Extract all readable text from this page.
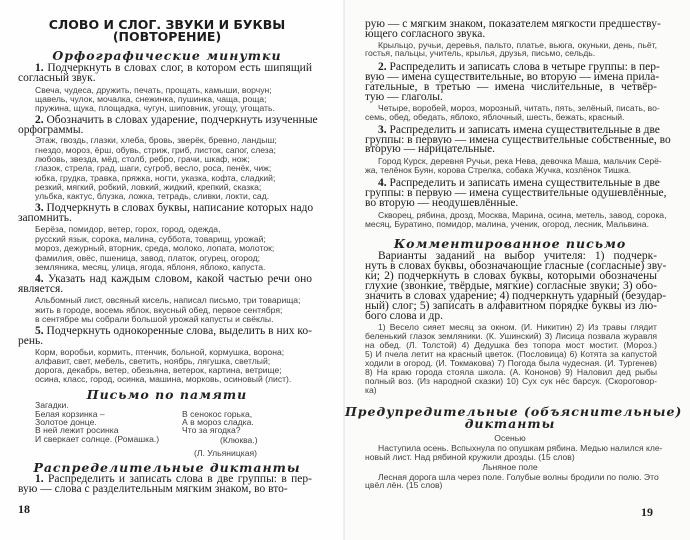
СЛОВО И СЛОГ. ЗВУКИ И БУКВЫ
(ПОВТОРЕНИЕ)
Орфографические минутки
1. Подчеркнуть в словах слог, в котором есть шипящий
согласный звук.
Свеча, чудеса, дружить, печать, прощать, камыши, ворчун;
щавель, чулок, мочалка, снежинка, пушинка, чаща, роща;
пружина, щука, площадка, чугун, шиповник, угощу, угощать.
2. Обозначить в словах ударение, подчеркнуть изученные
орфограммы.
Этаж, гвоздь, глазки, хлеба, бровь, зверёк, бревно, ландыш;
гнездо, мороз, ёрш, обувь, стриж, гриб, листок, сапог, слеза;
любовь, звезда, мёд, столб, ребро, грачи, шкаф, нож;
глазок, стрела, град, шаги, сугроб, весло, роса, пенёк, чиж;
юбка, грудка, травка, пряжка, ногти, указка, кофта, сладкий;
резкий, мягкий, робкий, ловкий, жидкий, крепкий, сказка;
ульбка, кактус, блузка, ложка, тетрадь, сливки, локти, сад.
3. Подчеркнуть в словах буквы, написание которых надо
запомнить.
Берёза, помидор, ветер, горох, город, одежда,
русский язык, сорока, малина, суббота, товарищ, урожай;
мороз, дежурный, вторник, среда, молоко, лопата, молоток;
фамилия, овёс, пшеница, завод, платок, огурец, огород;
земляника, месяц, улица, ягода, яблоня, яблоко, капуста.
4. Указать над каждым словом, какой частью речи оно
является.
Альбомный лист, овсяный кисель, написал письмо, три товарища;
жить в городе, восемь яблок, вкусный обед, первое сентября;
в сентябре мы собрали большой урожай капусты и свёклы.
5. Подчеркнуть однокоренные слова, выделить в них ко-
рень.
Корм, воробьи, кормить, птенчик, больной, кормушка, ворона;
алфавит, свет, мебель, светить, ноябрь, лягушка, светлый;
дорога, декабрь, ветер, обезьяна, ветерок, картина, ветрище;
осина, класс, город, осинка, машина, морковь, осиновый (лист).
Письмо по памяти
Загадки.
Белая корзинка –
Золотое донце.
В ней лежит росинка
И сверкает солнце. (Ромашка.)
В сенокос горька,
А в мороз сладка.
Что за ягодка?
(Клюква.)
(Л. Ульяницкая)
Распределительные диктанты
1. Распределить и записать слова в две группы: в пер-
вую — слова с разделительным мягким знаком, во вто-
18
рую — с мягким знаком, показателем мягкости предшеству-
ющего согласного звука.
Крыльцо, ручьи, деревья, пальто, платье, вьюга, окуньки, день, пьёт,
гостья, пальцы, учитель, крылья, друзья, письмо, сельдь.
2. Распределить и записать слова в четыре группы: в пер-
вую — имена существительные, во вторую — имена прила-
гательные, в третью — имена числительные, в четвёр-
тую — глаголы.
Четыре, воробей, мороз, морозный, читать, пять, зелёный, писать, во-
семь, обед, обедать, яблоко, яблочный, шесть, бежать, красный.
3. Распределить и записать имена существительные в две
группы: в первую — имена существительные собственные, во
вторую — нарицательные.
Город Курск, деревня Ручьи, река Нева, девочка Маша, мальчик Серё-
жа, телёнок Буян, корова Стрелка, собака Жучка, козлёнок Тишка.
4. Распределить и записать имена существительные в две
группы: в первую — имена существительные одушевлённые,
во вторую — неодушевлённые.
Скворец, рябина, дрозд, Москва, Марина, осина, метель, завод, сорока,
месяц, Буратино, помидор, малина, ученик, огород, лесник, Мальвина.
Комментированное письмо
Варианты заданий на выбор учителя: 1) подчерк-
нуть в словах буквы, обозначающие гласные (согласные) зву-
ки; 2) подчеркнуть в словах буквы, которыми обозначены
глухие (звонкие, твёрдые, мягкие) согласные звуки; 3) обо-
значить в словах ударение; 4) подчеркнуть ударный (безудар-
ный) слог; 5) записать в алфавитном порядке буквы из лю-
бого слова и др.
1) Весело сияет месяц за окном. (И. Никитин) 2) Из травы глядит
беленький глазок земляники. (К. Ушинский) 3) Лисица позвала журавля
на обед. (Л. Толстой) 4) Дедушка без топора мост мостит. (Мороз.)
5) И пчела летит на красный цветок. (Пословица) 6) Котята за капустой
ходили в огород. (И. Токмакова) 7) Погода была чудесная. (И. Тургенев)
8) На краю города стояла школа. (А. Кононов) 9) Наловил дед рыбы
полный воз. (Из народной сказки) 10) Сух сук нёс барсук. (Скороговор-
ка)
Предупредительные (объяснительные)
диктанты
Осенью
Наступила осень. Вспыхнула по опушкам рябина. Медью налился кле-
новый лист. Над рябиной кружили дрозды. (15 слов)
Льняное поле
Лесная дорога шла через поле. Голубые волны бродили по полю. Это
цвёл лён. (15 слов)
19
